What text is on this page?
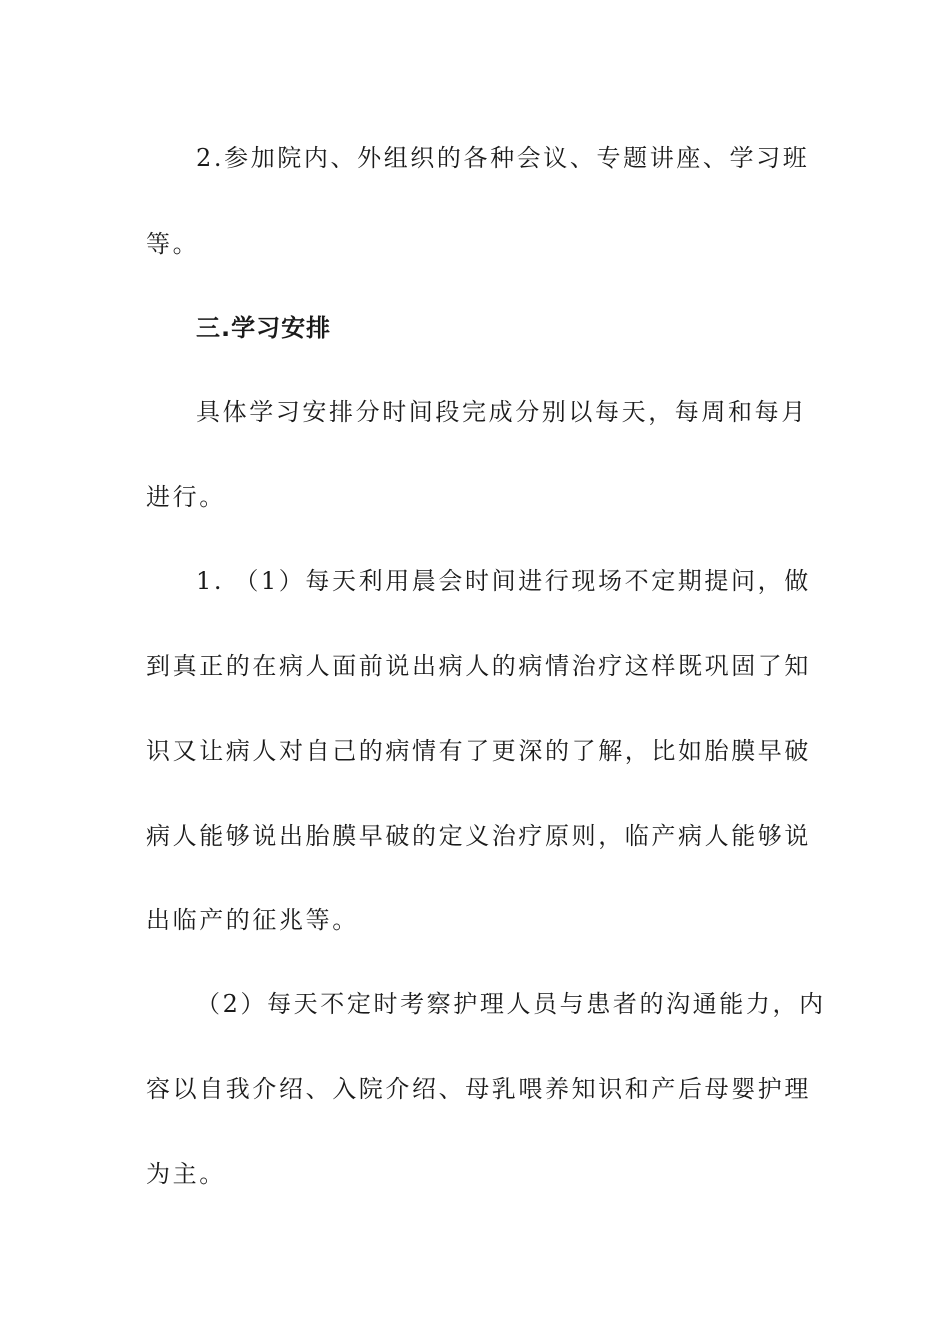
2.参加院内、外组织的各种会议、专题讲座、学习班
等。
三.学习安排
具体学习安排分时间段完成分别以每天，每周和每月
进行。
1. （1）每天利用晨会时间进行现场不定期提问，做
到真正的在病人面前说出病人的病情治疗这样既巩固了知
识又让病人对自己的病情有了更深的了解，比如胎膜早破
病人能够说出胎膜早破的定义治疗原则，临产病人能够说
出临产的征兆等。
（2）每天不定时考察护理人员与患者的沟通能力，内
容以自我介绍、入院介绍、母乳喂养知识和产后母婴护理
为主。
